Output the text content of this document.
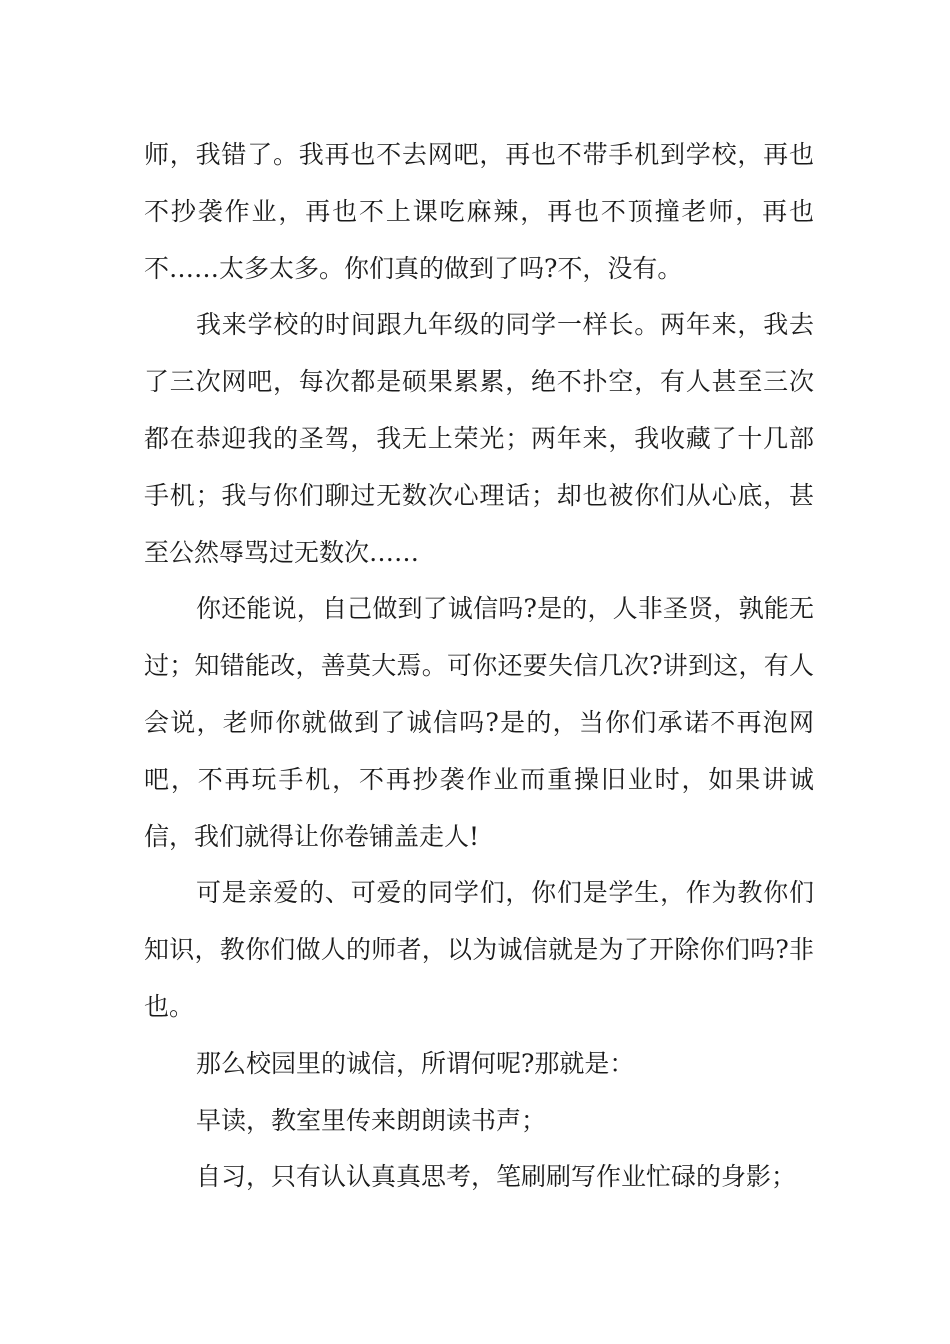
师，我错了。我再也不去网吧，再也不带手机到学校，再也不抄袭作业，再也不上课吃麻辣，再也不顶撞老师，再也不……太多太多。你们真的做到了吗?不，没有。

我来学校的时间跟九年级的同学一样长。两年来，我去了三次网吧，每次都是硕果累累，绝不扑空，有人甚至三次都在恭迎我的圣驾，我无上荣光；两年来，我收藏了十几部手机；我与你们聊过无数次心理话；却也被你们从心底，甚至公然辱骂过无数次……

你还能说，自己做到了诚信吗?是的，人非圣贤，孰能无过；知错能改，善莫大焉。可你还要失信几次?讲到这，有人会说，老师你就做到了诚信吗?是的，当你们承诺不再泡网吧，不再玩手机，不再抄袭作业而重操旧业时，如果讲诚信，我们就得让你卷铺盖走人!

可是亲爱的、可爱的同学们，你们是学生，作为教你们知识，教你们做人的师者，以为诚信就是为了开除你们吗?非也。

那么校园里的诚信，所谓何呢?那就是：

早读，教室里传来朗朗读书声；

自习，只有认认真真思考，笔刷刷写作业忙碌的身影；
